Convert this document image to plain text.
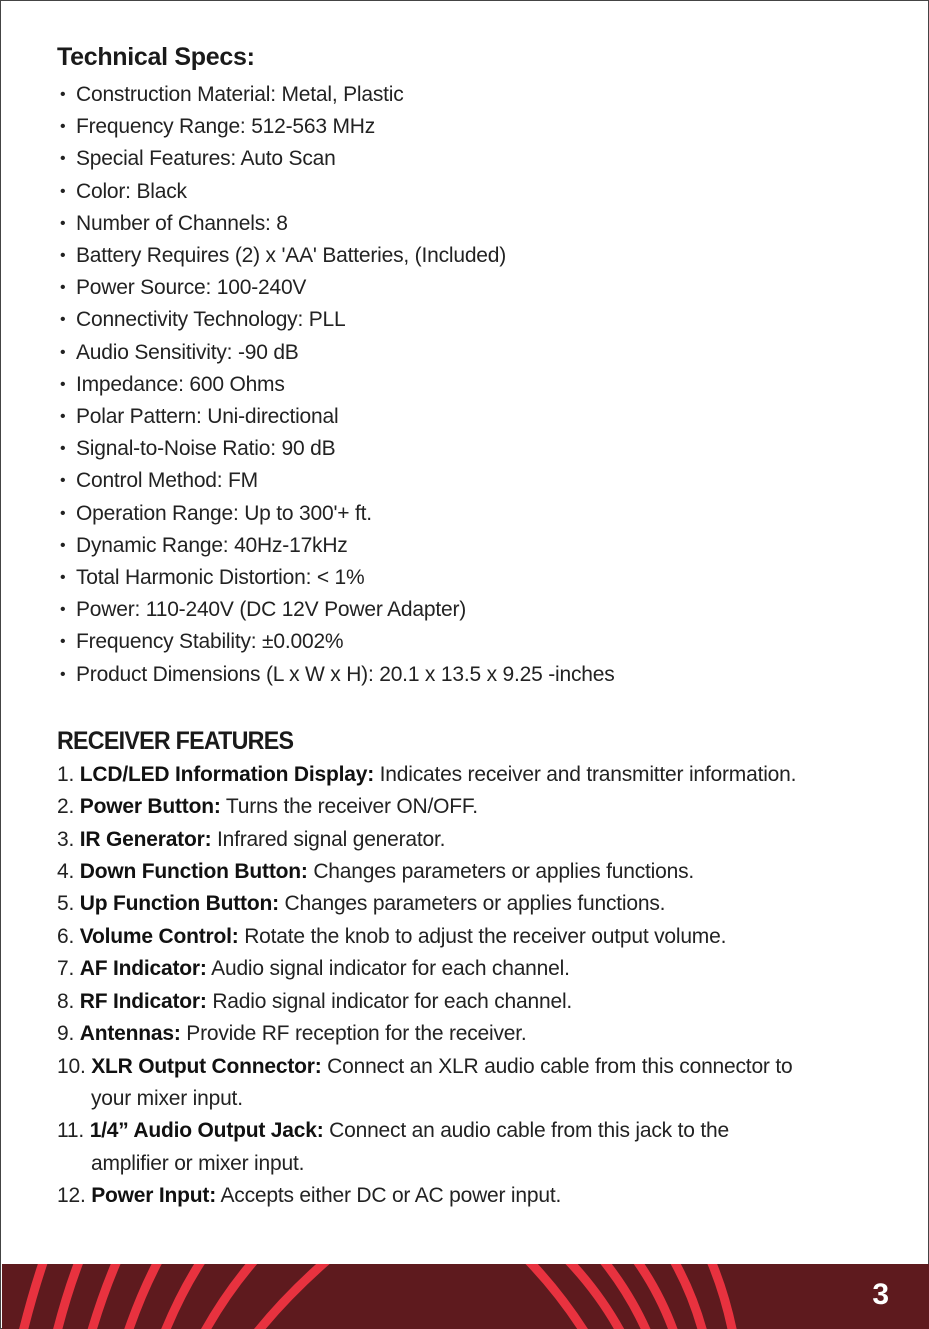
Technical Specs:
• Construction Material: Metal, Plastic
• Frequency Range: 512-563 MHz
• Special Features: Auto Scan
• Color: Black
• Number of Channels: 8
• Battery Requires (2) x 'AA' Batteries, (Included)
• Power Source: 100-240V
• Connectivity Technology: PLL
• Audio Sensitivity: -90 dB
• Impedance: 600 Ohms
• Polar Pattern: Uni-directional
• Signal-to-Noise Ratio: 90 dB
• Control Method: FM
• Operation Range: Up to 300'+ ft.
• Dynamic Range: 40Hz-17kHz
• Total Harmonic Distortion: < 1%
• Power: 110-240V (DC 12V Power Adapter)
• Frequency Stability: ±0.002%
• Product Dimensions (L x W x H): 20.1 x 13.5 x 9.25 -inches
RECEIVER FEATURES
1. LCD/LED Information Display: Indicates receiver and transmitter information.
2. Power Button: Turns the receiver ON/OFF.
3. IR Generator: Infrared signal generator.
4. Down Function Button: Changes parameters or applies functions.
5. Up Function Button: Changes parameters or applies functions.
6. Volume Control: Rotate the knob to adjust the receiver output volume.
7. AF Indicator: Audio signal indicator for each channel.
8. RF Indicator: Radio signal indicator for each channel.
9. Antennas: Provide RF reception for the receiver.
10. XLR Output Connector: Connect an XLR audio cable from this connector to
your mixer input.
11. 1/4” Audio Output Jack: Connect an audio cable from this jack to the
amplifier or mixer input.
12. Power Input: Accepts either DC or AC power input.
3
